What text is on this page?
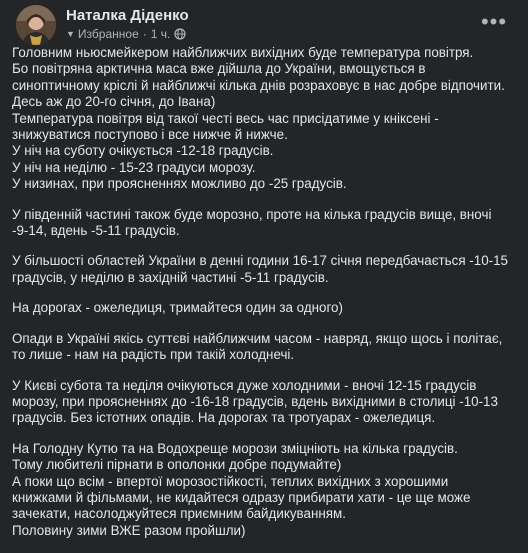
Наталка Діденко
▼ Избранное · 1 ч.	•••

Головним ньюсмейкером найближчих вихідних буде температура повітря.
Бо повітряна арктична маса вже дійшла до України, вмощується в
синоптичному кріслі й найближчі кілька днів розраховує в нас добре відпочити.
Десь аж до 20-го січня, до Івана)
Температура повітря від такої честі весь час присідатиме у кніксені -
знижуватися поступово і все нижче й нижче.
У ніч на суботу очікується -12-18 градусів.
У ніч на неділю - 15-23 градуси морозу.
У низинах, при проясненнях можливо до -25 градусів.

У південній частині також буде морозно, проте на кілька градусів вище, вночі
-9-14, вдень -5-11 градусів.

У більшості областей України в денні години 16-17 січня передбачається -10-15
градусів, у неділю в західній частині -5-11 градусів.

На дорогах - ожеледиця, тримайтеся один за одного)

Опади в Україні якісь суттєві найближчим часом - навряд, якщо щось і політає,
то лише - нам на радість при такій холоднечі.

У Києві субота та неділя очікуються дуже холодними - вночі 12-15 градусів
морозу, при проясненнях до -16-18 градусів, вдень вихідними в столиці -10-13
градусів. Без істотних опадів. На дорогах та тротуарах - ожеледиця.

На Голодну Кутю та на Водохреще морози зміцніють на кілька градусів.
Тому любителі пірнати в ополонки добре подумайте)
А поки що всім - впертої морозостійкості, теплих вихідних з хорошими
книжками й фільмами, не кидайтеся одразу прибирати хати - це ще може
зачекати, насолоджуйтеся приємним байдикуванням.
Половину зими ВЖЕ разом пройшли)
